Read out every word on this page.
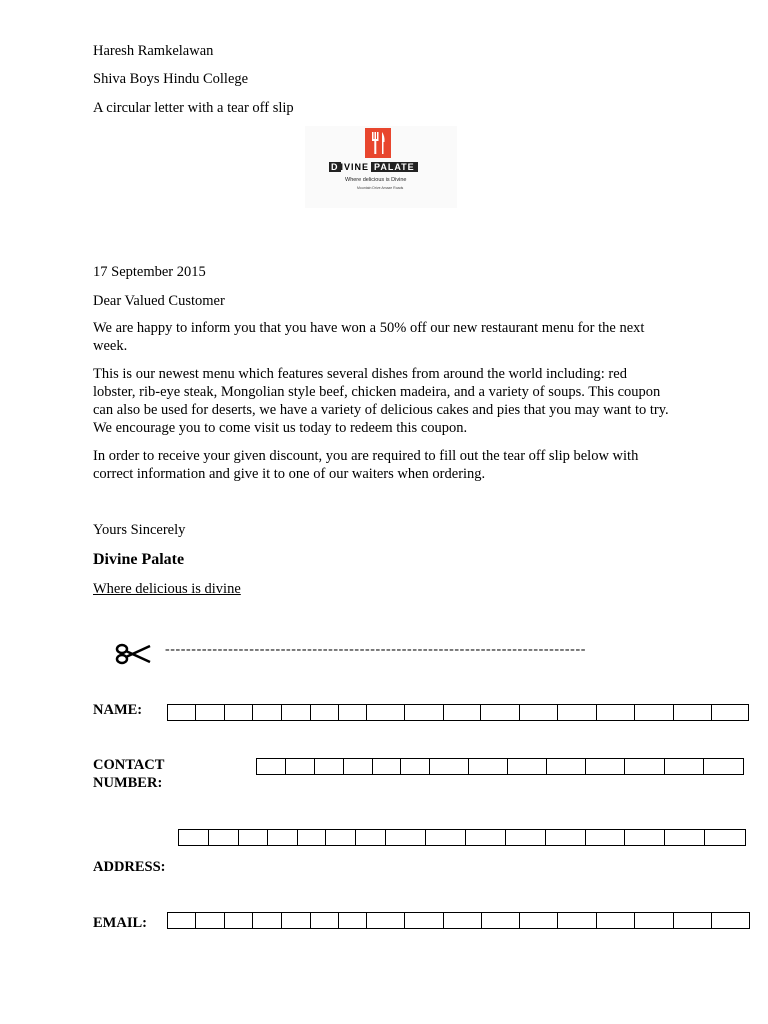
Haresh Ramkelawan
Shiva Boys Hindu College
A circular letter with a tear off slip
D IVINE PALATE
Where delicious is Divine
Mountain Drive Amaze Roads
17 September 2015
Dear Valued Customer
We are happy to inform you that you have won a 50% off our new restaurant menu for the next week.
This is our newest menu which features several dishes from around the world including: red lobster, rib-eye steak, Mongolian style beef, chicken madeira, and a variety of soups. This coupon can also be used for deserts, we have a variety of delicious cakes and pies that you may want to try. We encourage you to come visit us today to redeem this coupon.
In order to receive your given discount, you are required to fill out the tear off slip below with correct information and give it to one of our waiters when ordering.
Yours Sincerely
Divine Palate
Where delicious is divine
--------------------------------------------------------------------------------
NAME:
CONTACT
NUMBER:
ADDRESS:
EMAIL:
